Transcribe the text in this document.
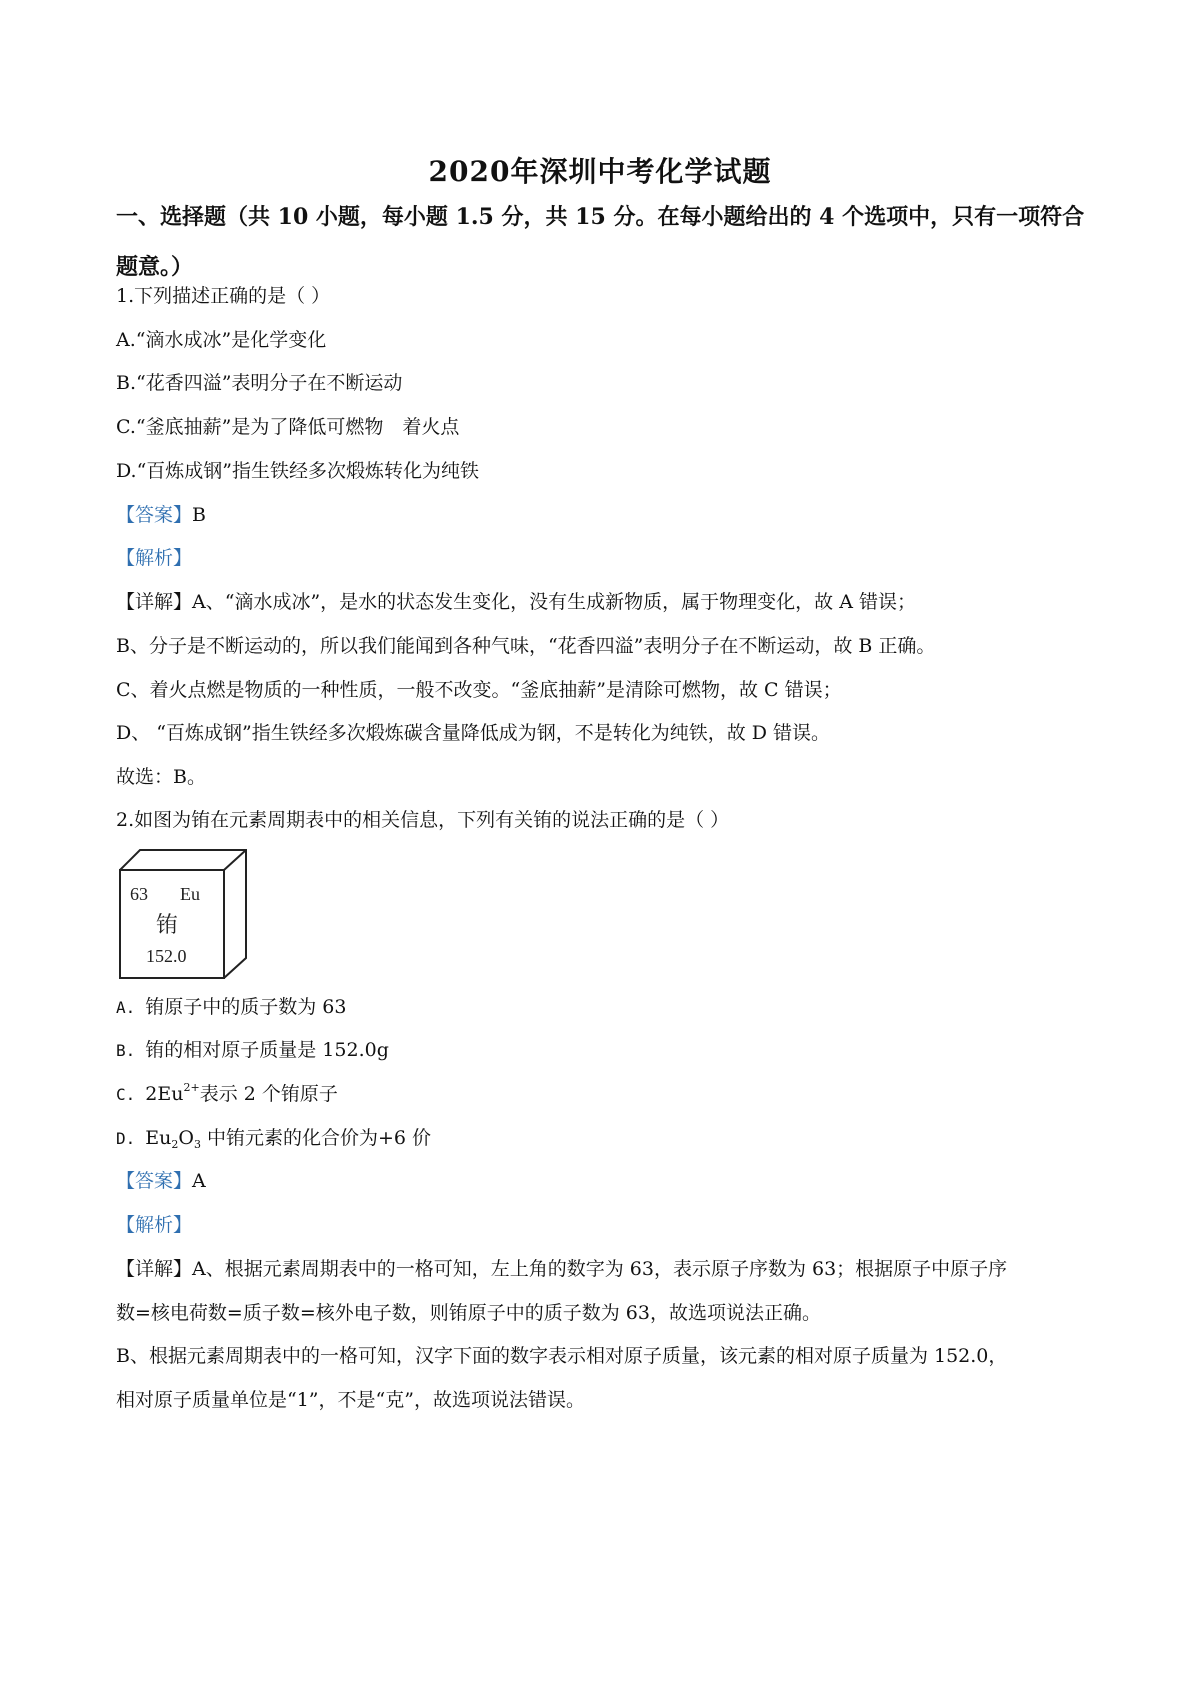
2020年深圳中考化学试题
一、选择题（共 10 小题，每小题 1.5 分，共 15 分。在每小题给出的 4 个选项中，只有一项符合题意。）
1.下列描述正确的是（ ）
A.“滴水成冰”是化学变化
B.“花香四溢”表明分子在不断运动
C.“釜底抽薪”是为了降低可燃物　着火点
D.“百炼成钢”指生铁经多次煅炼转化为纯铁
【答案】B
【解析】
【详解】A、“滴水成冰”，是水的状态发生变化，没有生成新物质，属于物理变化，故 A 错误；
B、分子是不断运动的，所以我们能闻到各种气味，“花香四溢”表明分子在不断运动，故 B 正确。
C、着火点燃是物质的一种性质，一般不改变。“釜底抽薪”是清除可燃物，故 C 错误；
D、 “百炼成钢”指生铁经多次煅炼碳含量降低成为钢，不是转化为纯铁，故 D 错误。
故选：B。
2.如图为铕在元素周期表中的相关信息，下列有关铕的说法正确的是（ ）
63 Eu
铕
152.0
A. 铕原子中的质子数为 63
B. 铕的相对原子质量是 152.0g
C. $2Eu^{2+}$表示 2 个铕原子
D. $Eu_2O_3$ 中铕元素的化合价为+6 价
【答案】A
【解析】
【详解】A、根据元素周期表中的一格可知，左上角的数字为 63，表示原子序数为 63；根据原子中原子序
数=核电荷数=质子数=核外电子数，则铕原子中的质子数为 63，故选项说法正确。
B、根据元素周期表中的一格可知，汉字下面的数字表示相对原子质量，该元素的相对原子质量为 152.0，
相对原子质量单位是“1”，不是“克”，故选项说法错误。
